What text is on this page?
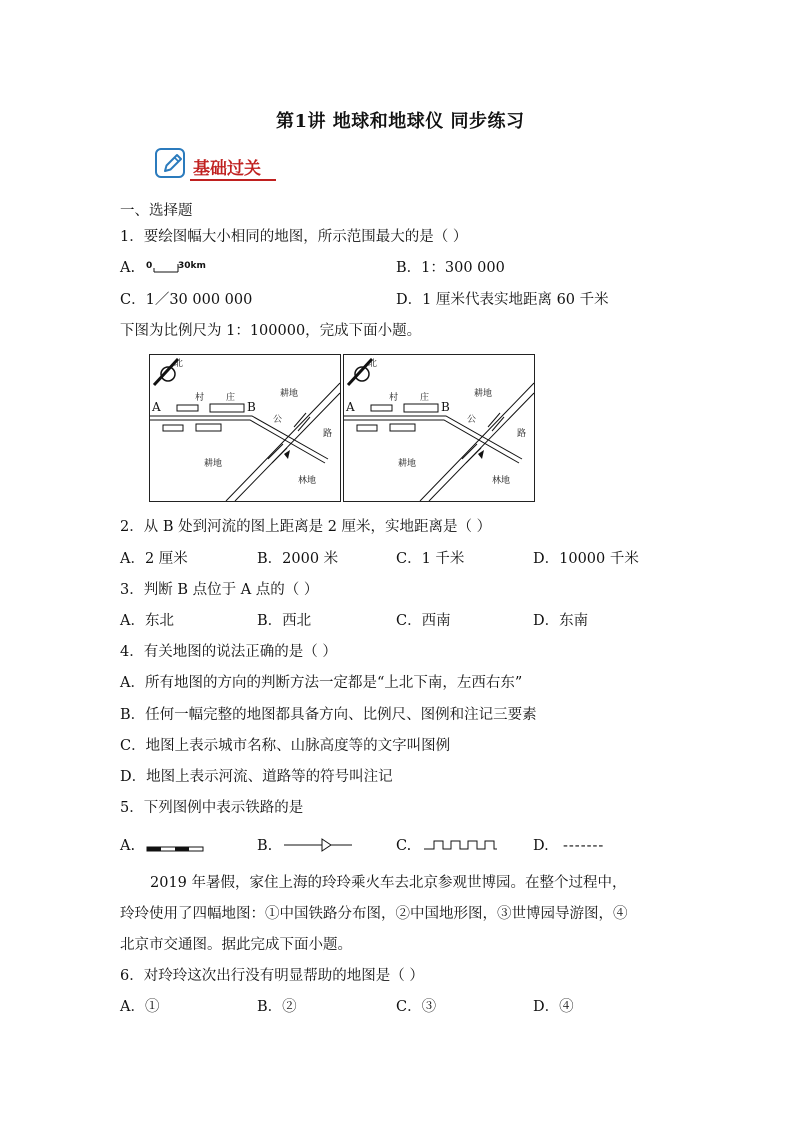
第1讲 地球和地球仪 同步练习
基础过关
一、选择题
1．要绘图幅大小相同的地图，所示范围最大的是（ ）
A. 0	30km	B．1：300 000
C．1／30 000 000	D．1 厘米代表实地距离 60 千米
下图为比例尺为 1：100000，完成下面小题。
北
村 庄
A	B
耕地
公
路
耕地
林地
北
村 庄
A	B
耕地
公
路
耕地
林地
2．从 B 处到河流的图上距离是 2 厘米，实地距离是（ ）
A．2 厘米	B．2000 米	C．1 千米	D．10000 千米
3．判断 B 点位于 A 点的（ ）
A．东北	B．西北	C．西南	D．东南
4．有关地图的说法正确的是（ ）
A．所有地图的方向的判断方法一定都是“上北下南，左西右东”
B．任何一幅完整的地图都具备方向、比例尺、图例和注记三要素
C．地图上表示城市名称、山脉高度等的文字叫图例
D．地图上表示河流、道路等的符号叫注记
5．下列图例中表示铁路的是
A.	B.	C.	D. -------
2019 年暑假，家住上海的玲玲乘火车去北京参观世博园。在整个过程中，
玲玲使用了四幅地图：①中国铁路分布图，②中国地形图，③世博园导游图，④
北京市交通图。据此完成下面小题。
6．对玲玲这次出行没有明显帮助的地图是（ ）
A．①	B．②	C．③	D．④
